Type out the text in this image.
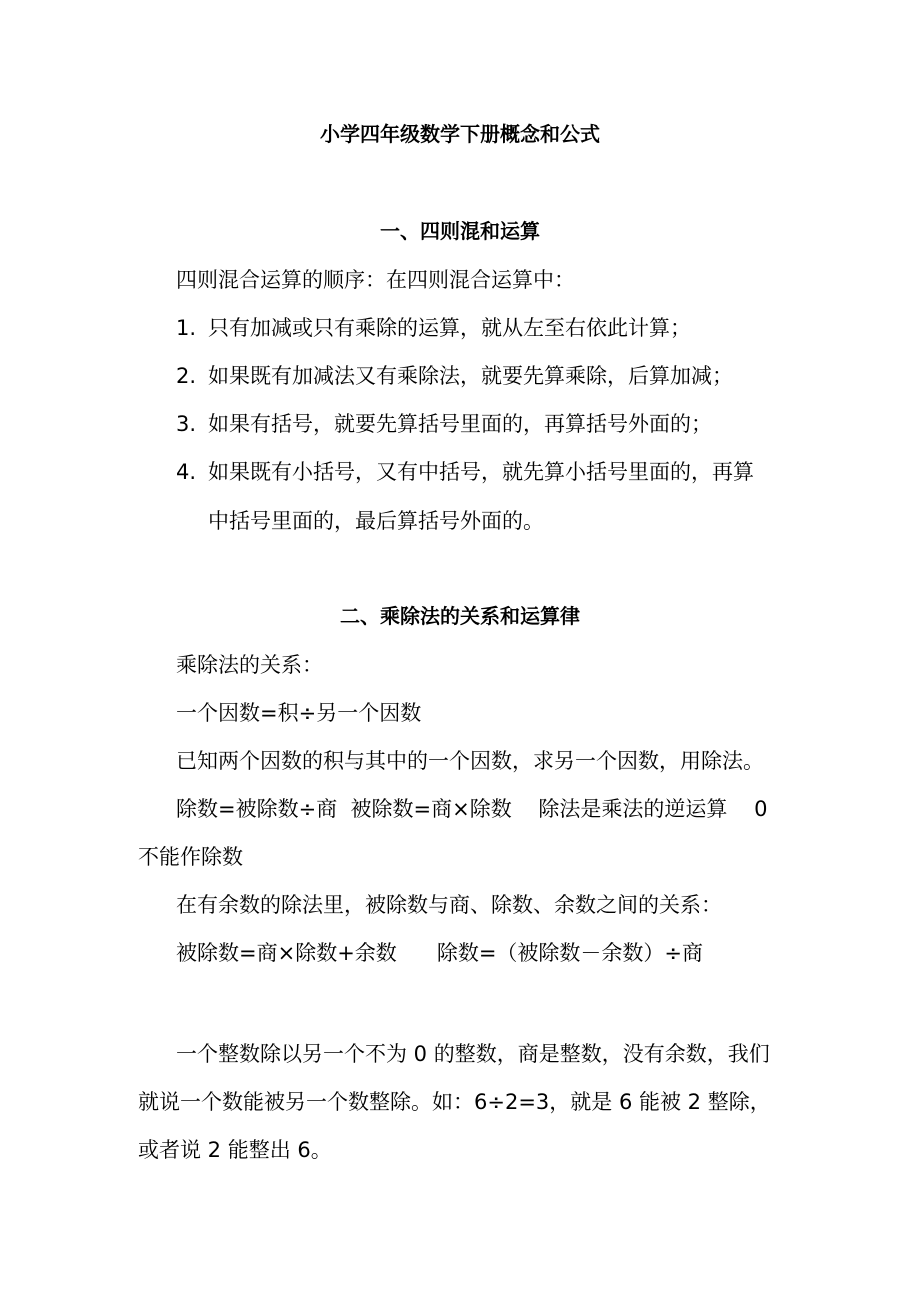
小学四年级数学下册概念和公式
一、四则混和运算
四则混合运算的顺序：在四则混合运算中：
1. 只有加减或只有乘除的运算，就从左至右依此计算；
2. 如果既有加减法又有乘除法，就要先算乘除，后算加减；
3. 如果有括号，就要先算括号里面的，再算括号外面的；
4. 如果既有小括号，又有中括号，就先算小括号里面的，再算
中括号里面的，最后算括号外面的。
二、乘除法的关系和运算律
乘除法的关系：
一个因数=积÷另一个因数
已知两个因数的积与其中的一个因数，求另一个因数，用除法。
除数=被除数÷商  被除数=商×除数    除法是乘法的逆运算    0
不能作除数
在有余数的除法里，被除数与商、除数、余数之间的关系：
被除数=商×除数+余数      除数=（被除数－余数）÷商
一个整数除以另一个不为 0 的整数，商是整数，没有余数，我们
就说一个数能被另一个数整除。如：6÷2=3，就是 6 能被 2 整除，
或者说 2 能整出 6。
